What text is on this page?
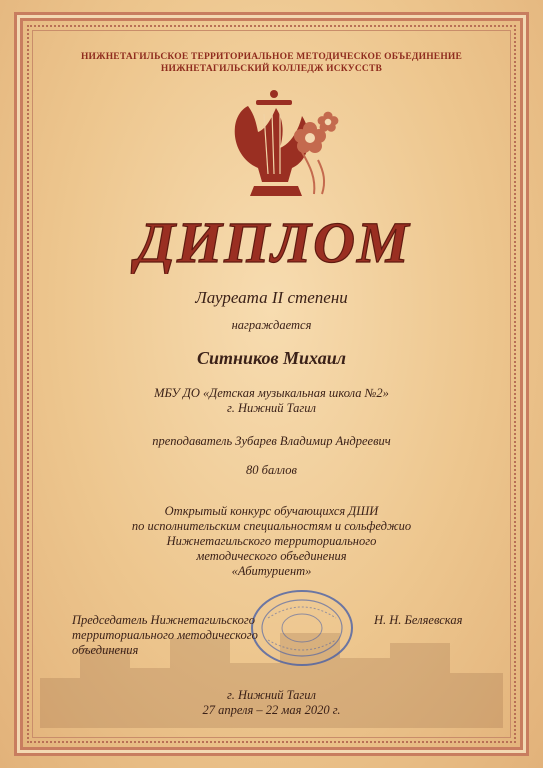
НИЖНЕТАГИЛЬСКОЕ ТЕРРИТОРИАЛЬНОЕ МЕТОДИЧЕСКОЕ ОБЪЕДИНЕНИЕ
НИЖНЕТАГИЛЬСКИЙ КОЛЛЕДЖ ИСКУССТВ
ДИПЛОМ
Лауреата II степени
награждается
Ситников Михаил
МБУ ДО «Детская музыкальная школа №2»
г. Нижний Тагил
преподаватель Зубарев Владимир Андреевич
80 баллов
Открытый конкурс обучающихся ДШИ
по исполнительским специальностям и сольфеджио
Нижнетагильского территориального
методического объединения
«Абитуриент»
Председатель Нижнетагильского
территориального методического
объединения
Н. Н. Беляевская
г. Нижний Тагил
27 апреля – 22 мая 2020 г.
